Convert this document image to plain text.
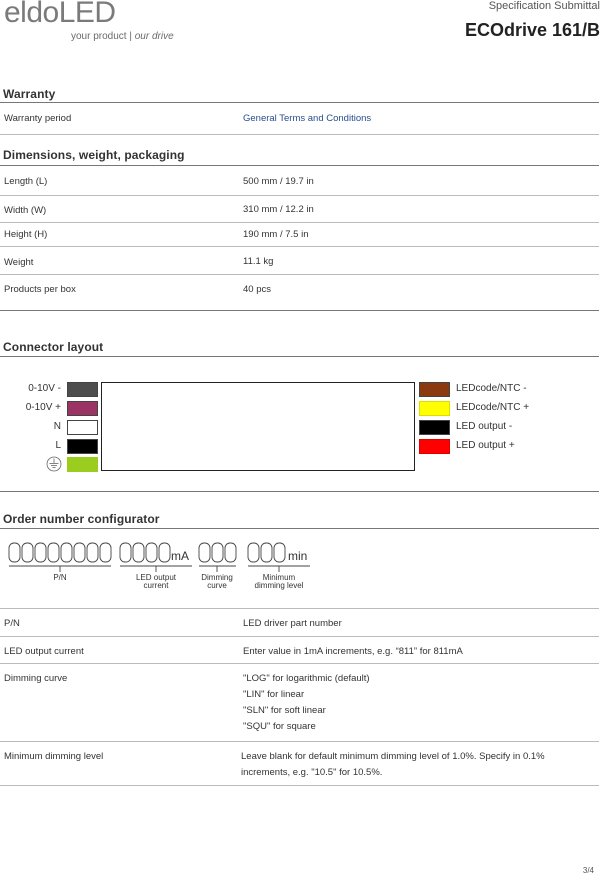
eldoLED
your product | our drive
Specification Submittal
ECOdrive 161/B
Warranty
Warranty period	General Terms and Conditions
Dimensions, weight, packaging
Length (L)	500 mm / 19.7 in
Width (W)	310 mm / 12.2 in
Height (H)	190 mm / 7.5 in
Weight	11.1 kg
Products per box	40 pcs
Connector layout
0-10V -
0-10V +
N
L
LEDcode/NTC -
LEDcode/NTC +
LED output -
LED output +
Order number configurator
mA	min
P/N	LED output
current
Dimming
curve
Minimum
dimming level
P/N	LED driver part number
LED output current	Enter value in 1mA increments, e.g. “811” for 811mA
Dimming curve	"LOG" for logarithmic (default)
"LIN" for linear
"SLN" for soft linear
"SQU" for square
Minimum dimming level	Leave blank for default minimum dimming level of 1.0%. Specify in 0.1%
increments, e.g. "10.5" for 10.5%.
3/4
